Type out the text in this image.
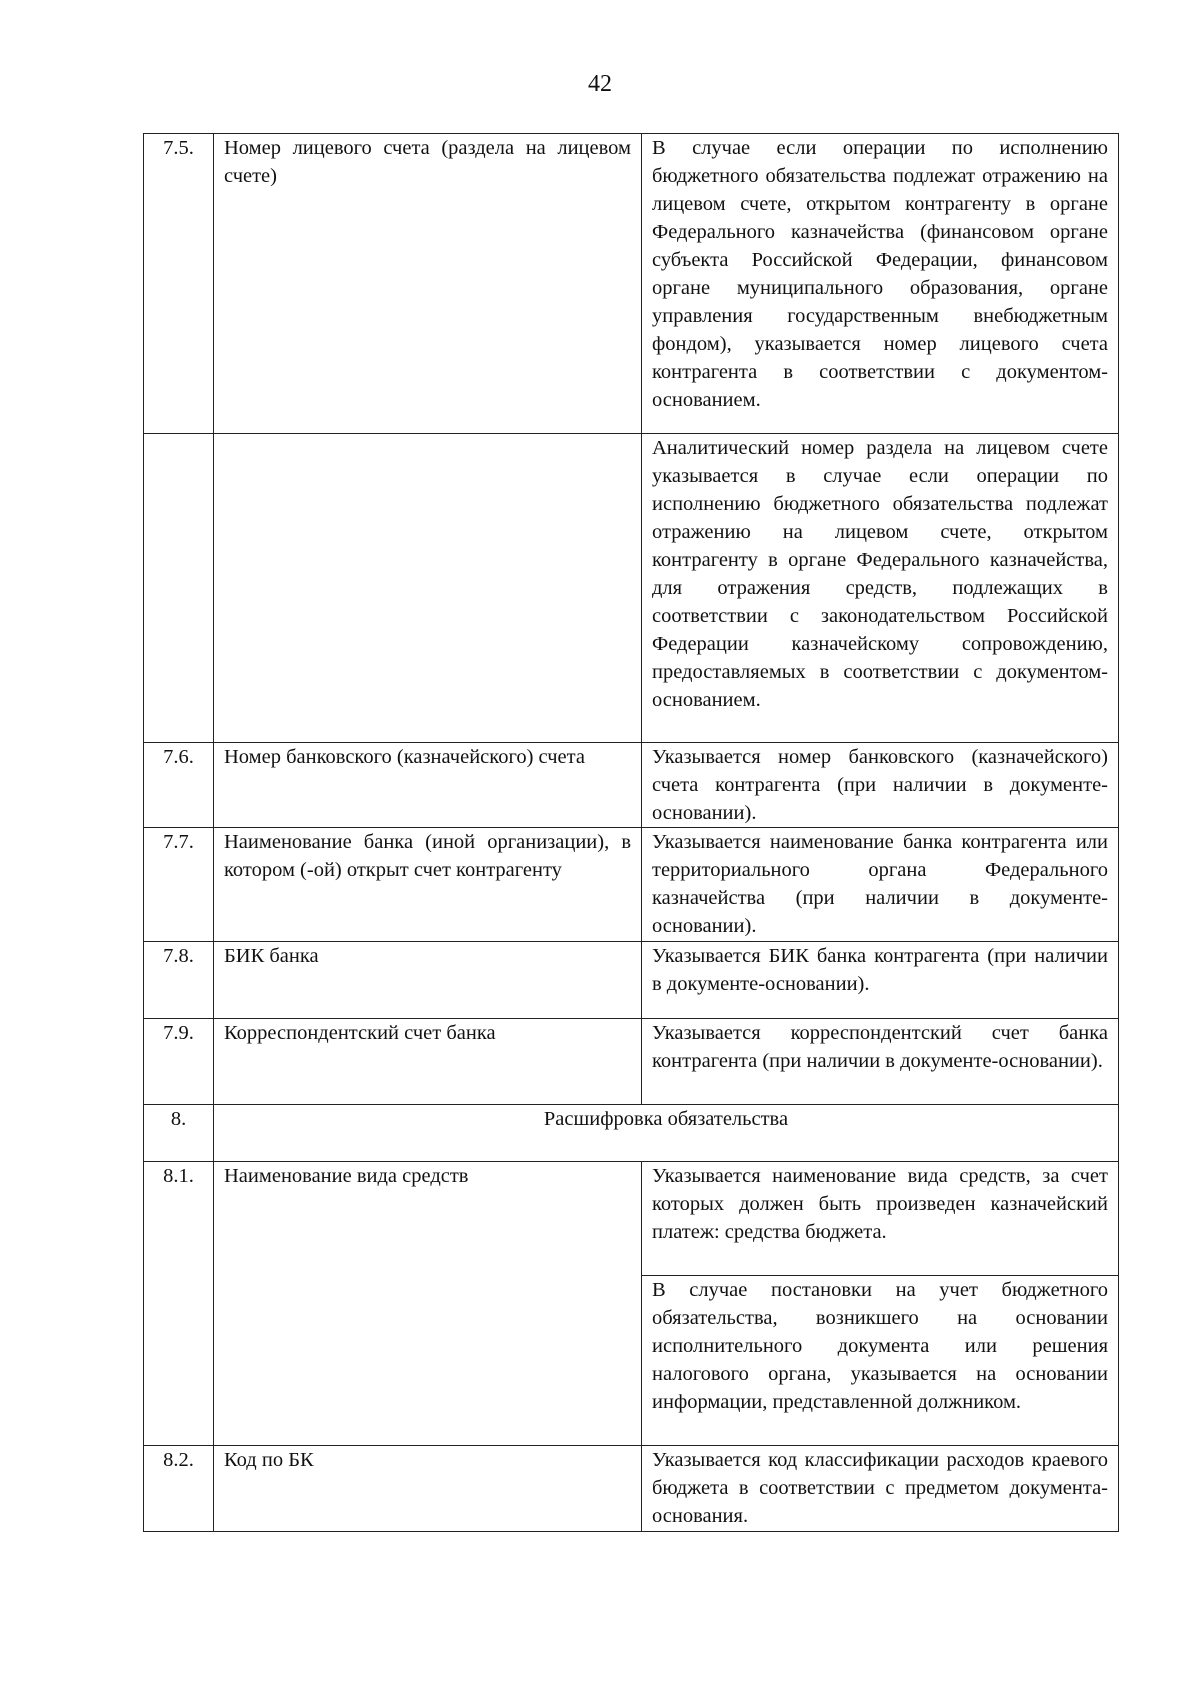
42
7.5.	Номер лицевого счета (раздела на лицевом счете)	В случае если операции по исполнению бюджетного обязательства подлежат отражению на лицевом счете, открытом контрагенту в органе Федерального казначейства (финансовом органе субъекта Российской Федерации, финансовом органе муниципального образования, органе управления государственным внебюджетным фондом), указывается номер лицевого счета контрагента в соответствии с документом-основанием.
		Аналитический номер раздела на лицевом счете указывается в случае если операции по исполнению бюджетного обязательства подлежат отражению на лицевом счете, открытом контрагенту в органе Федерального казначейства, для отражения средств, подлежащих в соответствии с законодательством Российской Федерации казначейскому сопровождению, предоставляемых в соответствии с документом-основанием.
7.6.	Номер банковского (казначейского) счета	Указывается номер банковского (казначейского) счета контрагента (при наличии в документе-основании).
7.7.	Наименование банка (иной организации), в котором (-ой) открыт счет контрагенту	Указывается наименование банка контрагента или территориального органа Федерального казначейства (при наличии в документе-основании).
7.8.	БИК банка	Указывается БИК банка контрагента (при наличии в документе-основании).
7.9.	Корреспондентский счет банка	Указывается корреспондентский счет банка контрагента (при наличии в документе-основании).
8.	Расшифровка обязательства	
8.1.	Наименование вида средств	Указывается наименование вида средств, за счет которых должен быть произведен казначейский платеж: средства бюджета.
		В случае постановки на учет бюджетного обязательства, возникшего на основании исполнительного документа или решения налогового органа, указывается на основании информации, представленной должником.
8.2.	Код по БК	Указывается код классификации расходов краевого бюджета в соответствии с предметом документа-основания.
